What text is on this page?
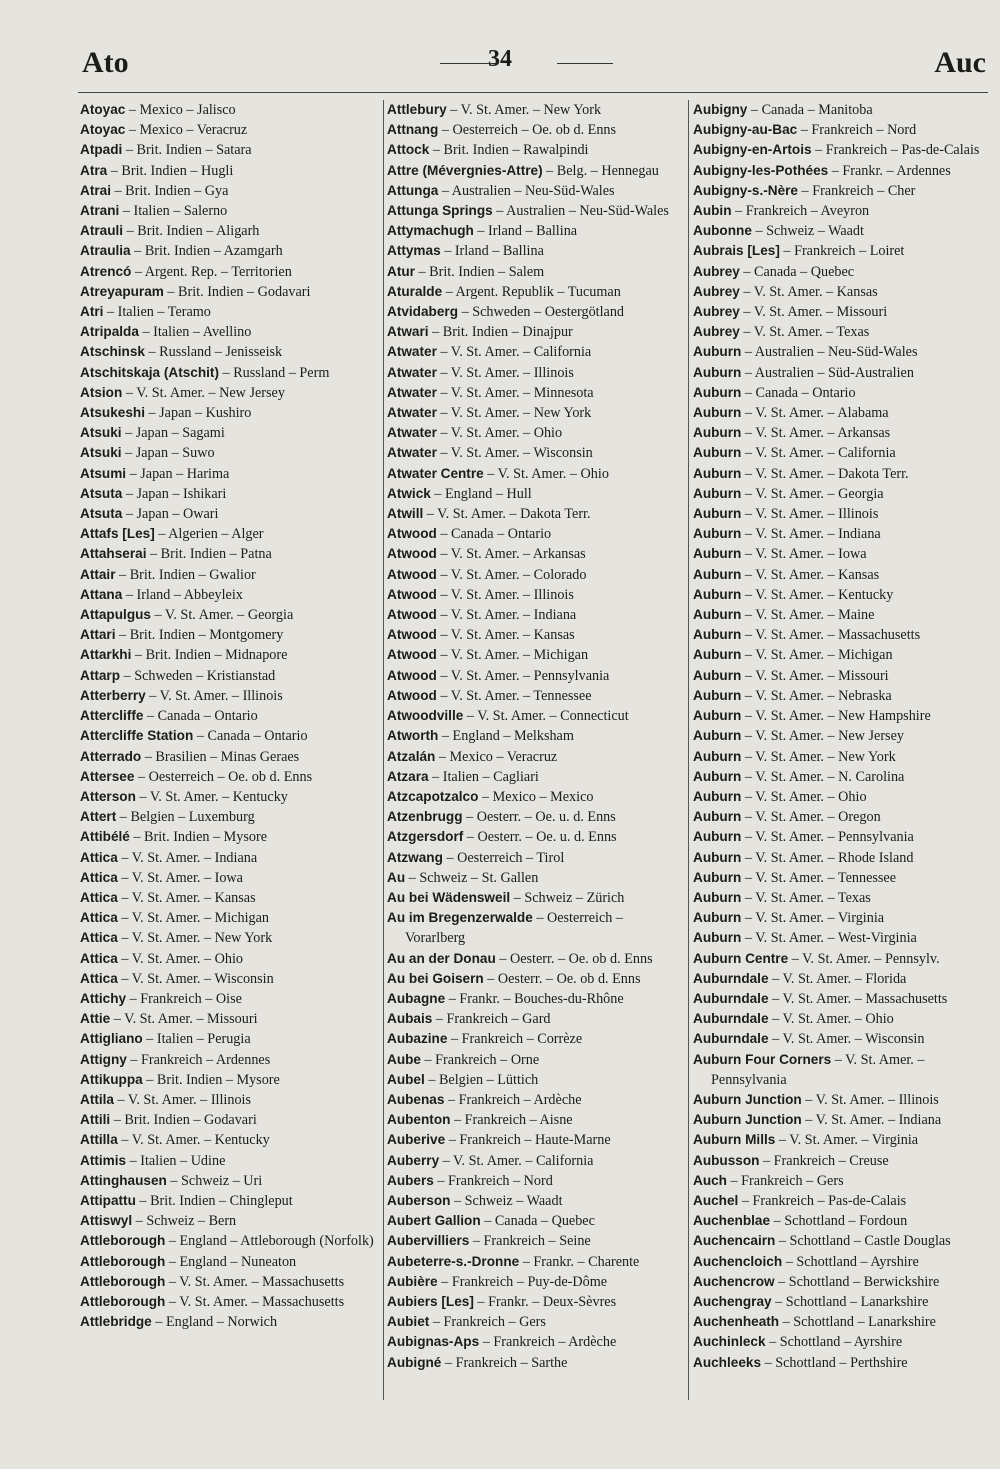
Ato	34	Auc

Atoyac – Mexico – Jalisco

Atoyac – Mexico – Veracruz

Atpadi – Brit. Indien – Satara

Atra – Brit. Indien – Hugli

Atrai – Brit. Indien – Gya

Atrani – Italien – Salerno

Atrauli – Brit. Indien – Aligarh

Atraulia – Brit. Indien – Azamgarh

Atrencó – Argent. Rep. – Territorien

Atreyapuram – Brit. Indien – Godavari

Atri – Italien – Teramo

Atripalda – Italien – Avellino

Atschinsk – Russland – Jenisseisk

Atschitskaja (Atschit) – Russland – Perm

Atsion – V. St. Amer. – New Jersey

Atsukeshi – Japan – Kushiro

Atsuki – Japan – Sagami

Atsuki – Japan – Suwo

Atsumi – Japan – Harima

Atsuta – Japan – Ishikari

Atsuta – Japan – Owari

Attafs [Les] – Algerien – Alger

Attahserai – Brit. Indien – Patna

Attair – Brit. Indien – Gwalior

Attana – Irland – Abbeyleix

Attapulgus – V. St. Amer. – Georgia

Attari – Brit. Indien – Montgomery

Attarkhi – Brit. Indien – Midnapore

Attarp – Schweden – Kristianstad

Atterberry – V. St. Amer. – Illinois

Attercliffe – Canada – Ontario

Attercliffe Station – Canada – Ontario

Atterrado – Brasilien – Minas Geraes

Attersee – Oesterreich – Oe. ob d. Enns

Atterson – V. St. Amer. – Kentucky

Attert – Belgien – Luxemburg

Attibélé – Brit. Indien – Mysore

Attica – V. St. Amer. – Indiana

Attica – V. St. Amer. – Iowa

Attica – V. St. Amer. – Kansas

Attica – V. St. Amer. – Michigan

Attica – V. St. Amer. – New York

Attica – V. St. Amer. – Ohio

Attica – V. St. Amer. – Wisconsin

Attichy – Frankreich – Oise

Attie – V. St. Amer. – Missouri

Attigliano – Italien – Perugia

Attigny – Frankreich – Ardennes

Attikuppa – Brit. Indien – Mysore

Attila – V. St. Amer. – Illinois

Attili – Brit. Indien – Godavari

Attilla – V. St. Amer. – Kentucky

Attimis – Italien – Udine

Attinghausen – Schweiz – Uri

Attipattu – Brit. Indien – Chingleput

Attiswyl – Schweiz – Bern

Attleborough – England – Attleborough (Norfolk)

Attleborough – England – Nuneaton

Attleborough – V. St. Amer. – Massachusetts

Attleborough – V. St. Amer. – Massachusetts

Attlebridge – England – Norwich

Attlebury – V. St. Amer. – New York

Attnang – Oesterreich – Oe. ob d. Enns

Attock – Brit. Indien – Rawalpindi

Attre (Mévergnies-Attre) – Belg. – Hennegau

Attunga – Australien – Neu-Süd-Wales

Attunga Springs – Australien – Neu-Süd-Wales

Attymachugh – Irland – Ballina

Attymas – Irland – Ballina

Atur – Brit. Indien – Salem

Aturalde – Argent. Republik – Tucuman

Atvidaberg – Schweden – Oestergötland

Atwari – Brit. Indien – Dinajpur

Atwater – V. St. Amer. – California

Atwater – V. St. Amer. – Illinois

Atwater – V. St. Amer. – Minnesota

Atwater – V. St. Amer. – New York

Atwater – V. St. Amer. – Ohio

Atwater – V. St. Amer. – Wisconsin

Atwater Centre – V. St. Amer. – Ohio

Atwick – England – Hull

Atwill – V. St. Amer. – Dakota Terr.

Atwood – Canada – Ontario

Atwood – V. St. Amer. – Arkansas

Atwood – V. St. Amer. – Colorado

Atwood – V. St. Amer. – Illinois

Atwood – V. St. Amer. – Indiana

Atwood – V. St. Amer. – Kansas

Atwood – V. St. Amer. – Michigan

Atwood – V. St. Amer. – Pennsylvania

Atwood – V. St. Amer. – Tennessee

Atwoodville – V. St. Amer. – Connecticut

Atworth – England – Melksham

Atzalán – Mexico – Veracruz

Atzara – Italien – Cagliari

Atzcapotzalco – Mexico – Mexico

Atzenbrugg – Oesterr. – Oe. u. d. Enns

Atzgersdorf – Oesterr. – Oe. u. d. Enns

Atzwang – Oesterreich – Tirol

Au – Schweiz – St. Gallen

Au bei Wädensweil – Schweiz – Zürich

Au im Bregenzerwalde – Oesterreich – Vorarlberg

Au an der Donau – Oesterr. – Oe. ob d. Enns

Au bei Goisern – Oesterr. – Oe. ob d. Enns

Aubagne – Frankr. – Bouches-du-Rhône

Aubais – Frankreich – Gard

Aubazine – Frankreich – Corrèze

Aube – Frankreich – Orne

Aubel – Belgien – Lüttich

Aubenas – Frankreich – Ardèche

Aubenton – Frankreich – Aisne

Auberive – Frankreich – Haute-Marne

Auberry – V. St. Amer. – California

Aubers – Frankreich – Nord

Auberson – Schweiz – Waadt

Aubert Gallion – Canada – Quebec

Aubervilliers – Frankreich – Seine

Aubeterre-s.-Dronne – Frankr. – Charente

Aubière – Frankreich – Puy-de-Dôme

Aubiers [Les] – Frankr. – Deux-Sèvres

Aubiet – Frankreich – Gers

Aubignas-Aps – Frankreich – Ardèche

Aubigné – Frankreich – Sarthe

Aubigny – Canada – Manitoba

Aubigny-au-Bac – Frankreich – Nord

Aubigny-en-Artois – Frankreich – Pas-de-Calais

Aubigny-les-Pothées – Frankr. – Ardennes

Aubigny-s.-Nère – Frankreich – Cher

Aubin – Frankreich – Aveyron

Aubonne – Schweiz – Waadt

Aubrais [Les] – Frankreich – Loiret

Aubrey – Canada – Quebec

Aubrey – V. St. Amer. – Kansas

Aubrey – V. St. Amer. – Missouri

Aubrey – V. St. Amer. – Texas

Auburn – Australien – Neu-Süd-Wales

Auburn – Australien – Süd-Australien

Auburn – Canada – Ontario

Auburn – V. St. Amer. – Alabama

Auburn – V. St. Amer. – Arkansas

Auburn – V. St. Amer. – California

Auburn – V. St. Amer. – Dakota Terr.

Auburn – V. St. Amer. – Georgia

Auburn – V. St. Amer. – Illinois

Auburn – V. St. Amer. – Indiana

Auburn – V. St. Amer. – Iowa

Auburn – V. St. Amer. – Kansas

Auburn – V. St. Amer. – Kentucky

Auburn – V. St. Amer. – Maine

Auburn – V. St. Amer. – Massachusetts

Auburn – V. St. Amer. – Michigan

Auburn – V. St. Amer. – Missouri

Auburn – V. St. Amer. – Nebraska

Auburn – V. St. Amer. – New Hampshire

Auburn – V. St. Amer. – New Jersey

Auburn – V. St. Amer. – New York

Auburn – V. St. Amer. – N. Carolina

Auburn – V. St. Amer. – Ohio

Auburn – V. St. Amer. – Oregon

Auburn – V. St. Amer. – Pennsylvania

Auburn – V. St. Amer. – Rhode Island

Auburn – V. St. Amer. – Tennessee

Auburn – V. St. Amer. – Texas

Auburn – V. St. Amer. – Virginia

Auburn – V. St. Amer. – West-Virginia

Auburn Centre – V. St. Amer. – Pennsylv.

Auburndale – V. St. Amer. – Florida

Auburndale – V. St. Amer. – Massachusetts

Auburndale – V. St. Amer. – Ohio

Auburndale – V. St. Amer. – Wisconsin

Auburn Four Corners – V. St. Amer. – Pennsylvania

Auburn Junction – V. St. Amer. – Illinois

Auburn Junction – V. St. Amer. – Indiana

Auburn Mills – V. St. Amer. – Virginia

Aubusson – Frankreich – Creuse

Auch – Frankreich – Gers

Auchel – Frankreich – Pas-de-Calais

Auchenblae – Schottland – Fordoun

Auchencairn – Schottland – Castle Douglas

Auchencloich – Schottland – Ayrshire

Auchencrow – Schottland – Berwickshire

Auchengray – Schottland – Lanarkshire

Auchenheath – Schottland – Lanarkshire

Auchinleck – Schottland – Ayrshire

Auchleeks – Schottland – Perthshire
